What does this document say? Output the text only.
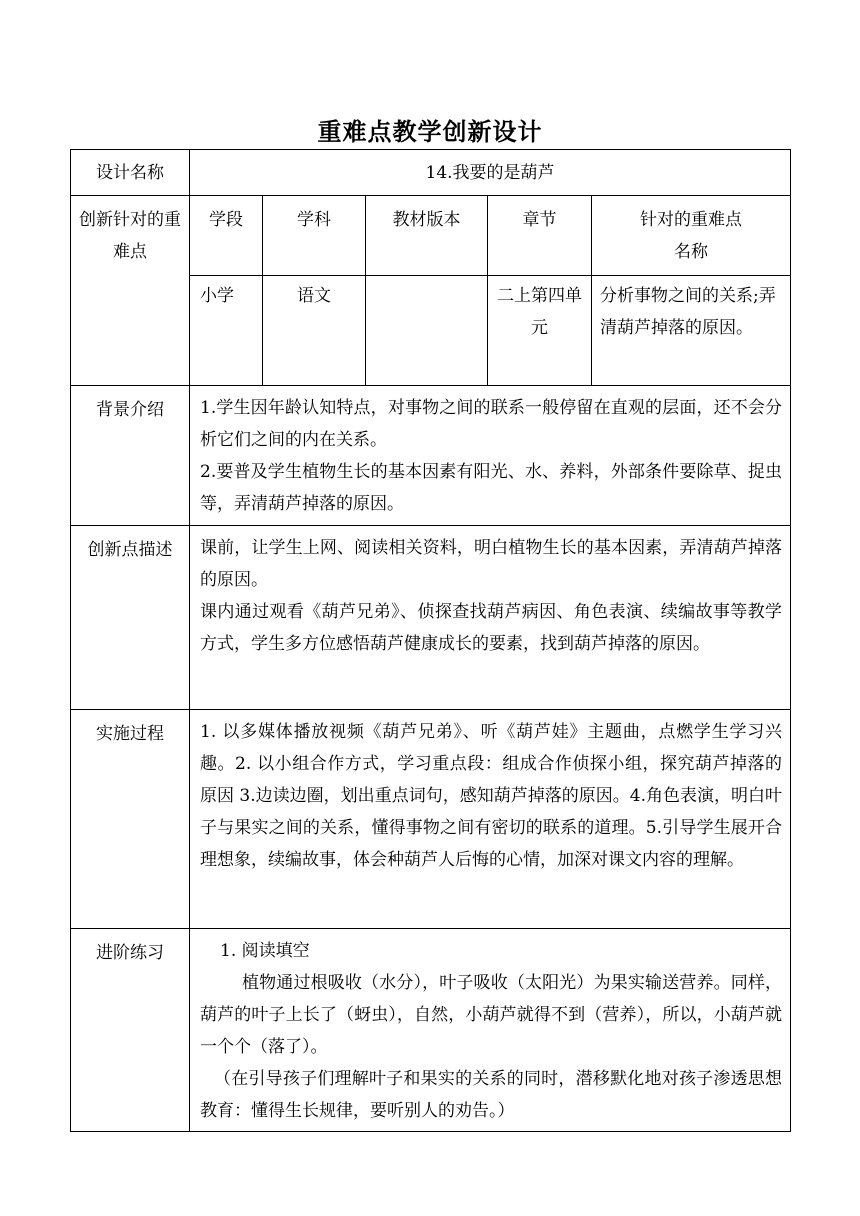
重难点教学创新设计
设计名称	14.我要的是葫芦				

创新针对的重难点	学段	学科	教材版本	章节	针对的重难点名称

	小学	语文		二上第四单元	分析事物之间的关系;弄清葫芦掉落的原因。
背景介绍	1.学生因年龄认知特点，对事物之间的联系一般停留在直观的层面，还不会分析它们之间的内在关系。

2.要普及学生植物生长的基本因素有阳光、水、养料，外部条件要除草、捉虫等，弄清葫芦掉落的原因。				

创新点描述	课前，让学生上网、阅读相关资料，明白植物生长的基本因素，弄清葫芦掉落的原因。

课内通过观看《葫芦兄弟》、侦探查找葫芦病因、角色表演、续编故事等教学方式，学生多方位感悟葫芦健康成长的要素，找到葫芦掉落的原因。				

实施过程	1. 以多媒体播放视频《葫芦兄弟》、听《葫芦娃》主题曲，点燃学生学习兴趣。2. 以小组合作方式，学习重点段：组成合作侦探小组，探究葫芦掉落的原因 3.边读边圈，划出重点词句，感知葫芦掉落的原因。4.角色表演，明白叶子与果实之间的关系，懂得事物之间有密切的联系的道理。5.引导学生展开合理想象，续编故事，体会种葫芦人后悔的心情，加深对课文内容的理解。				

进阶练习	1. 阅读填空

植物通过根吸收（水分），叶子吸收（太阳光）为果实输送营养。同样，葫芦的叶子上长了（蚜虫），自然，小葫芦就得不到（营养），所以，小葫芦就一个个（落了）。

（在引导孩子们理解叶子和果实的关系的同时，潜移默化地对孩子渗透思想教育：懂得生长规律，要听别人的劝告。）				
